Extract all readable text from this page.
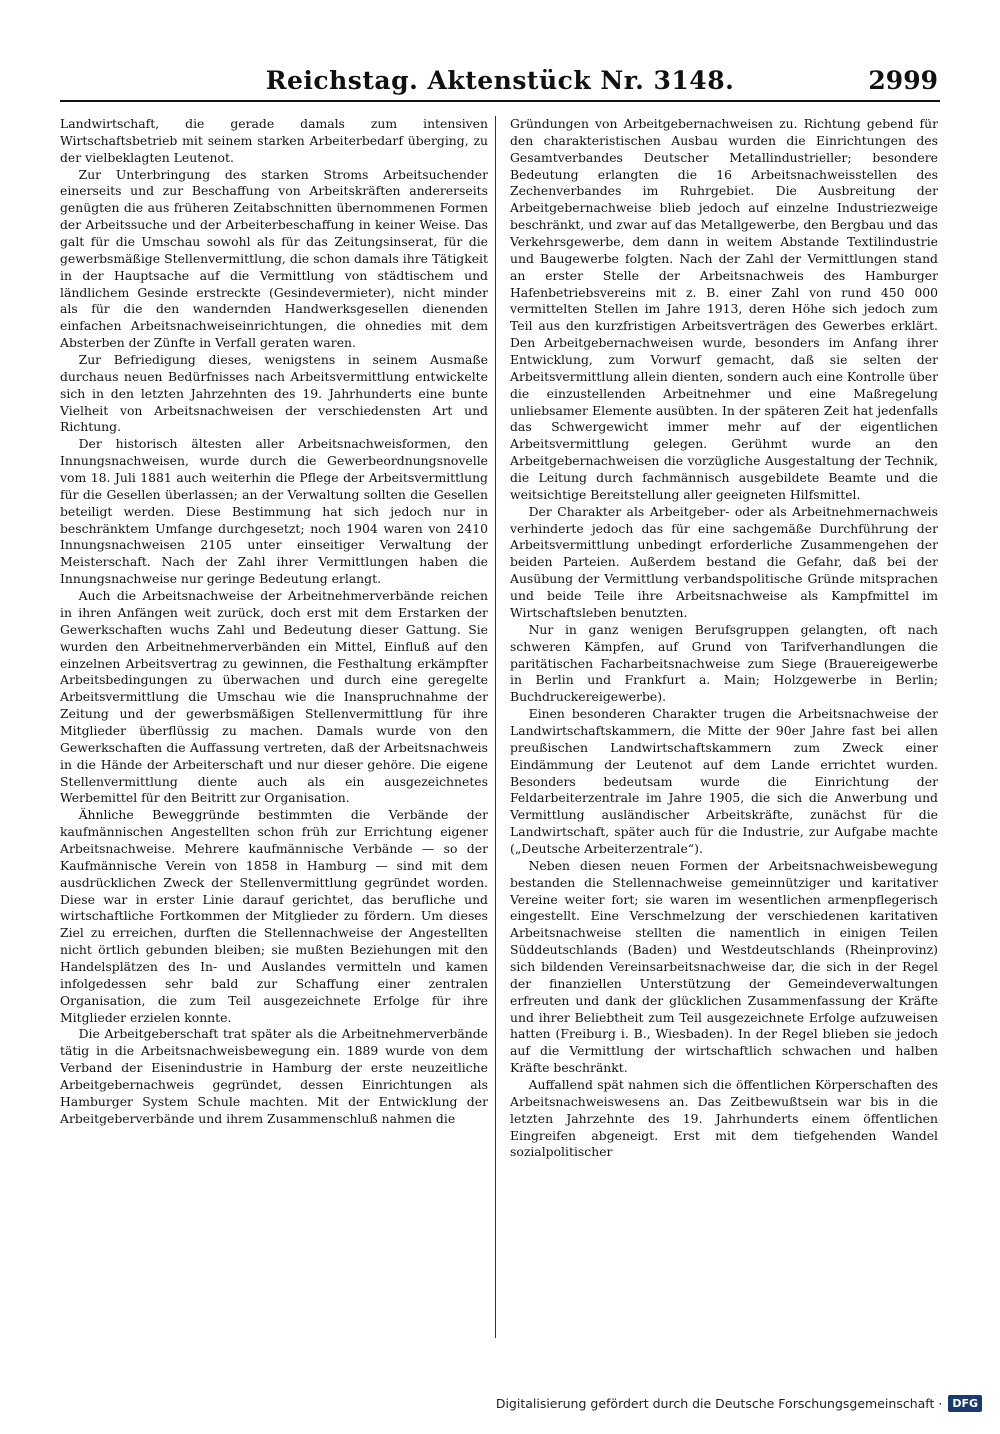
Reichstag. Aktenstück Nr. 3148.	2999

Landwirtschaft, die gerade damals zum intensiven Wirtschaftsbetrieb mit seinem starken Arbeiterbedarf überging, zu der vielbeklagten Leutenot.

Zur Unterbringung des starken Stroms Arbeitsuchender einerseits und zur Beschaffung von Arbeitskräften andererseits genügten die aus früheren Zeitabschnitten übernommenen Formen der Arbeitssuche und der Arbeiterbeschaffung in keiner Weise. Das galt für die Umschau sowohl als für das Zeitungsinserat, für die gewerbsmäßige Stellenvermittlung, die schon damals ihre Tätigkeit in der Hauptsache auf die Vermittlung von städtischem und ländlichem Gesinde erstreckte (Gesindevermieter), nicht minder als für die den wandernden Handwerksgesellen dienenden einfachen Arbeitsnachweiseinrichtungen, die ohnedies mit dem Absterben der Zünfte in Verfall geraten waren.

Zur Befriedigung dieses, wenigstens in seinem Ausmaße durchaus neuen Bedürfnisses nach Arbeitsvermittlung entwickelte sich in den letzten Jahrzehnten des 19. Jahrhunderts eine bunte Vielheit von Arbeitsnachweisen der verschiedensten Art und Richtung.

Der historisch ältesten aller Arbeitsnachweisformen, den Innungsnachweisen, wurde durch die Gewerbeordnungsnovelle vom 18. Juli 1881 auch weiterhin die Pflege der Arbeitsvermittlung für die Gesellen überlassen; an der Verwaltung sollten die Gesellen beteiligt werden. Diese Bestimmung hat sich jedoch nur in beschränktem Umfange durchgesetzt; noch 1904 waren von 2410 Innungsnachweisen 2105 unter einseitiger Verwaltung der Meisterschaft. Nach der Zahl ihrer Vermittlungen haben die Innungsnachweise nur geringe Bedeutung erlangt.

Auch die Arbeitsnachweise der Arbeitnehmerverbände reichen in ihren Anfängen weit zurück, doch erst mit dem Erstarken der Gewerkschaften wuchs Zahl und Bedeutung dieser Gattung. Sie wurden den Arbeitnehmerverbänden ein Mittel, Einfluß auf den einzelnen Arbeitsvertrag zu gewinnen, die Festhaltung erkämpfter Arbeitsbedingungen zu überwachen und durch eine geregelte Arbeitsvermittlung die Umschau wie die Inanspruchnahme der Zeitung und der gewerbsmäßigen Stellenvermittlung für ihre Mitglieder überflüssig zu machen. Damals wurde von den Gewerkschaften die Auffassung vertreten, daß der Arbeitsnachweis in die Hände der Arbeiterschaft und nur dieser gehöre. Die eigene Stellenvermittlung diente auch als ein ausgezeichnetes Werbemittel für den Beitritt zur Organisation.

Ähnliche Beweggründe bestimmten die Verbände der kaufmännischen Angestellten schon früh zur Errichtung eigener Arbeitsnachweise. Mehrere kaufmännische Verbände — so der Kaufmännische Verein von 1858 in Hamburg — sind mit dem ausdrücklichen Zweck der Stellenvermittlung gegründet worden. Diese war in erster Linie darauf gerichtet, das berufliche und wirtschaftliche Fortkommen der Mitglieder zu fördern. Um dieses Ziel zu erreichen, durften die Stellennachweise der Angestellten nicht örtlich gebunden bleiben; sie mußten Beziehungen mit den Handelsplätzen des In- und Auslandes vermitteln und kamen infolgedessen sehr bald zur Schaffung einer zentralen Organisation, die zum Teil ausgezeichnete Erfolge für ihre Mitglieder erzielen konnte.

Die Arbeitgeberschaft trat später als die Arbeitnehmerverbände tätig in die Arbeitsnachweisbewegung ein. 1889 wurde von dem Verband der Eisenindustrie in Hamburg der erste neuzeitliche Arbeitgebernachweis gegründet, dessen Einrichtungen als Hamburger System Schule machten. Mit der Entwicklung der Arbeitgeberverbände und ihrem Zusammenschluß nahmen die

Gründungen von Arbeitgebernachweisen zu. Richtung gebend für den charakteristischen Ausbau wurden die Einrichtungen des Gesamtverbandes Deutscher Metallindustrieller; besondere Bedeutung erlangten die 16 Arbeitsnachweisstellen des Zechenverbandes im Ruhrgebiet. Die Ausbreitung der Arbeitgebernachweise blieb jedoch auf einzelne Industriezweige beschränkt, und zwar auf das Metallgewerbe, den Bergbau und das Verkehrsgewerbe, dem dann in weitem Abstande Textilindustrie und Baugewerbe folgten. Nach der Zahl der Vermittlungen stand an erster Stelle der Arbeitsnachweis des Hamburger Hafenbetriebsvereins mit z. B. einer Zahl von rund 450 000 vermittelten Stellen im Jahre 1913, deren Höhe sich jedoch zum Teil aus den kurzfristigen Arbeitsverträgen des Gewerbes erklärt. Den Arbeitgebernachweisen wurde, besonders im Anfang ihrer Entwicklung, zum Vorwurf gemacht, daß sie selten der Arbeitsvermittlung allein dienten, sondern auch eine Kontrolle über die einzustellenden Arbeitnehmer und eine Maßregelung unliebsamer Elemente ausübten. In der späteren Zeit hat jedenfalls das Schwergewicht immer mehr auf der eigentlichen Arbeitsvermittlung gelegen. Gerühmt wurde an den Arbeitgebernachweisen die vorzügliche Ausgestaltung der Technik, die Leitung durch fachmännisch ausgebildete Beamte und die weitsichtige Bereitstellung aller geeigneten Hilfsmittel.

Der Charakter als Arbeitgeber- oder als Arbeitnehmernachweis verhinderte jedoch das für eine sachgemäße Durchführung der Arbeitsvermittlung unbedingt erforderliche Zusammengehen der beiden Parteien. Außerdem bestand die Gefahr, daß bei der Ausübung der Vermittlung verbandspolitische Gründe mitsprachen und beide Teile ihre Arbeitsnachweise als Kampfmittel im Wirtschaftsleben benutzten.

Nur in ganz wenigen Berufsgruppen gelangten, oft nach schweren Kämpfen, auf Grund von Tarifverhandlungen die paritätischen Facharbeitsnachweise zum Siege (Brauereigewerbe in Berlin und Frankfurt a. Main; Holzgewerbe in Berlin; Buchdruckereigewerbe).

Einen besonderen Charakter trugen die Arbeitsnachweise der Landwirtschaftskammern, die Mitte der 90er Jahre fast bei allen preußischen Landwirtschaftskammern zum Zweck einer Eindämmung der Leutenot auf dem Lande errichtet wurden. Besonders bedeutsam wurde die Einrichtung der Feldarbeiterzentrale im Jahre 1905, die sich die Anwerbung und Vermittlung ausländischer Arbeitskräfte, zunächst für die Landwirtschaft, später auch für die Industrie, zur Aufgabe machte („Deutsche Arbeiterzentrale“).

Neben diesen neuen Formen der Arbeitsnachweisbewegung bestanden die Stellennachweise gemeinnütziger und karitativer Vereine weiter fort; sie waren im wesentlichen armenpflegerisch eingestellt. Eine Verschmelzung der verschiedenen karitativen Arbeitsnachweise stellten die namentlich in einigen Teilen Süddeutschlands (Baden) und Westdeutschlands (Rheinprovinz) sich bildenden Vereinsarbeitsnachweise dar, die sich in der Regel der finanziellen Unterstützung der Gemeindeverwaltungen erfreuten und dank der glücklichen Zusammenfassung der Kräfte und ihrer Beliebtheit zum Teil ausgezeichnete Erfolge aufzuweisen hatten (Freiburg i. B., Wiesbaden). In der Regel blieben sie jedoch auf die Vermittlung der wirtschaftlich schwachen und halben Kräfte beschränkt.

Auffallend spät nahmen sich die öffentlichen Körperschaften des Arbeitsnachweiswesens an. Das Zeitbewußtsein war bis in die letzten Jahrzehnte des 19. Jahrhunderts einem öffentlichen Eingreifen abgeneigt. Erst mit dem tiefgehenden Wandel sozialpolitischer

Digitalisierung gefördert durch die Deutsche Forschungsgemeinschaft · DFG
